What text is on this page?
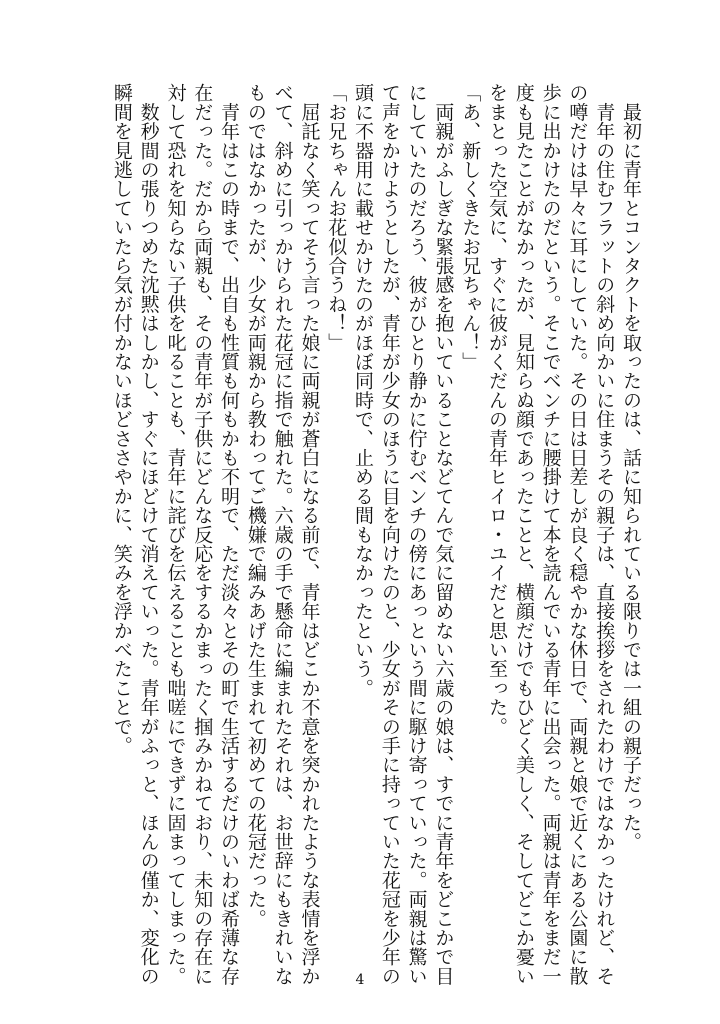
　最初に青年とコンタクトを取ったのは、話に知られている限りでは一組の親子だった。
　青年の住むフラットの斜め向かいに住まうその親子は、直接挨拶をされたわけではなかったけれど、そ
の噂だけは早々に耳にしていた。その日は日差しが良く穏やかな休日で、両親と娘で近くにある公園に散
歩に出かけたのだという。そこでベンチに腰掛けて本を読んでいる青年に出会った。両親は青年をまだ一
度も見たことがなかったが、見知らぬ顔であったことと、横顔だけでもひどく美しく、そしてどこか憂い
をまとった空気に、すぐに彼がくだんの青年ヒイロ・ユイだと思い至った。
「あ、新しくきたお兄ちゃん！」
　両親がふしぎな緊張感を抱いていることなどてんで気に留めない六歳の娘は、すでに青年をどこかで目
にしていたのだろう、彼がひとり静かに佇むベンチの傍にあっという間に駆け寄っていった。両親は驚い
て声をかけようとしたが、青年が少女のほうに目を向けたのと、少女がその手に持っていた花冠を少年の
頭に不器用に載せかけたのがほぼ同時で、止める間もなかったという。
「お兄ちゃんお花似合うね！」
　屈託なく笑ってそう言った娘に両親が蒼白になる前で、青年はどこか不意を突かれたような表情を浮か
べて、斜めに引っかけられた花冠に指で触れた。六歳の手で懸命に編まれたそれは、お世辞にもきれいな
ものではなかったが、少女が両親から教わってご機嫌で編みあげた生まれて初めての花冠だった。
　青年はこの時まで、出自も性質も何もかも不明で、ただ淡々とその町で生活するだけのいわば希薄な存
在だった。だから両親も、その青年が子供にどんな反応をするかまったく掴みかねており、未知の存在に
対して恐れを知らない子供を叱ることも、青年に詫びを伝えることも咄嗟にできずに固まってしまった。
　数秒間の張りつめた沈黙はしかし、すぐにほどけて消えていった。青年がふっと、ほんの僅か、変化の
瞬間を見逃していたら気が付かないほどささやかに、笑みを浮かべたことで。
4
